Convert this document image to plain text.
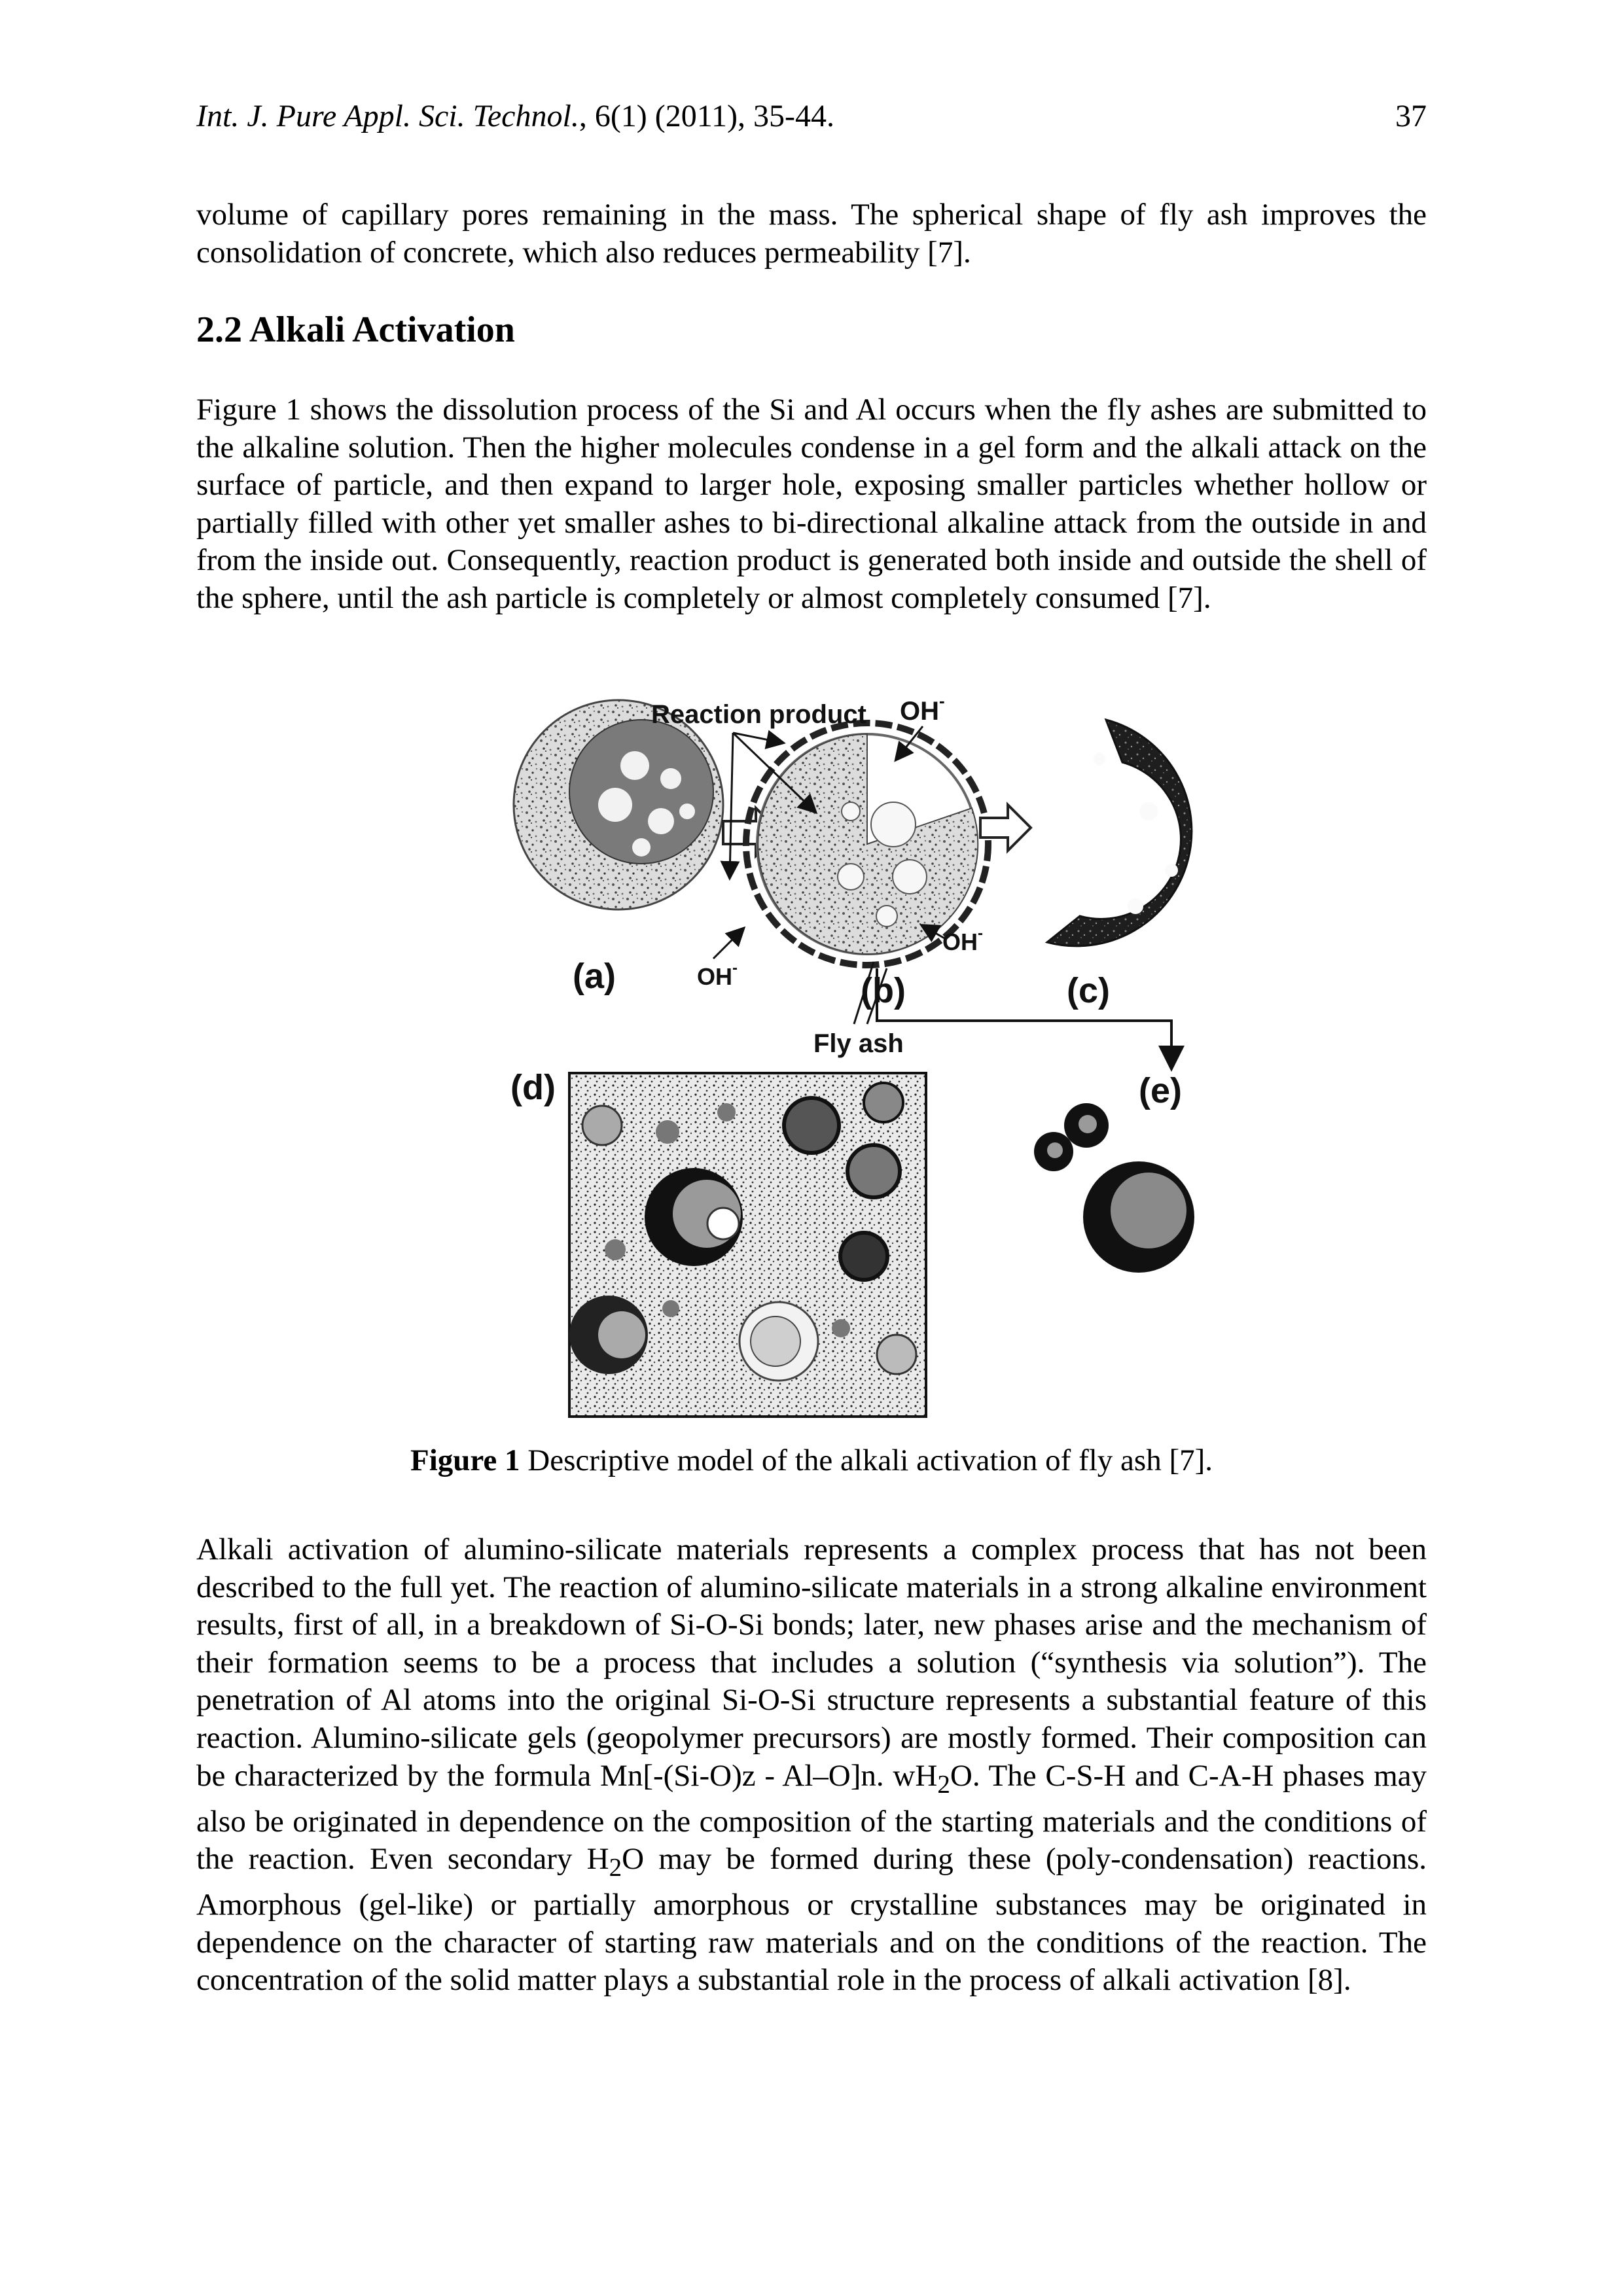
Int. J. Pure Appl. Sci. Technol., 6(1) (2011), 35-44.	37

volume of capillary pores remaining in the mass. The spherical shape of fly ash improves the consolidation of concrete, which also reduces permeability [7].

2.2 Alkali Activation

Figure 1 shows the dissolution process of the Si and Al occurs when the fly ashes are submitted to the alkaline solution. Then the higher molecules condense in a gel form and the alkali attack on the surface of particle, and then expand to larger hole, exposing smaller particles whether hollow or partially filled with other yet smaller ashes to bi-directional alkaline attack from the outside in and from the inside out. Consequently, reaction product is generated both inside and outside the shell of the sphere, until the ash particle is completely or almost completely consumed [7].

(a)
Reaction product OH-
OH-
OH-
(b)
Fly ash
(c)
(d)	(e)

Figure 1 Descriptive model of the alkali activation of fly ash [7].

Alkali activation of alumino-silicate materials represents a complex process that has not been described to the full yet. The reaction of alumino-silicate materials in a strong alkaline environment results, first of all, in a breakdown of Si-O-Si bonds; later, new phases arise and the mechanism of their formation seems to be a process that includes a solution (“synthesis via solution”). The penetration of Al atoms into the original Si-O-Si structure represents a substantial feature of this reaction. Alumino-silicate gels (geopolymer precursors) are mostly formed. Their composition can be characterized by the formula Mn[-(Si-O)z - Al–O]n. $wH_2O$. The C-S-H and C-A-H phases may also be originated in dependence on the composition of the starting materials and the conditions of the reaction. Even secondary $H_2O$ may be formed during these (poly-condensation) reactions. Amorphous (gel-like) or partially amorphous or crystalline substances may be originated in dependence on the character of starting raw materials and on the conditions of the reaction. The concentration of the solid matter plays a substantial role in the process of alkali activation [8].
